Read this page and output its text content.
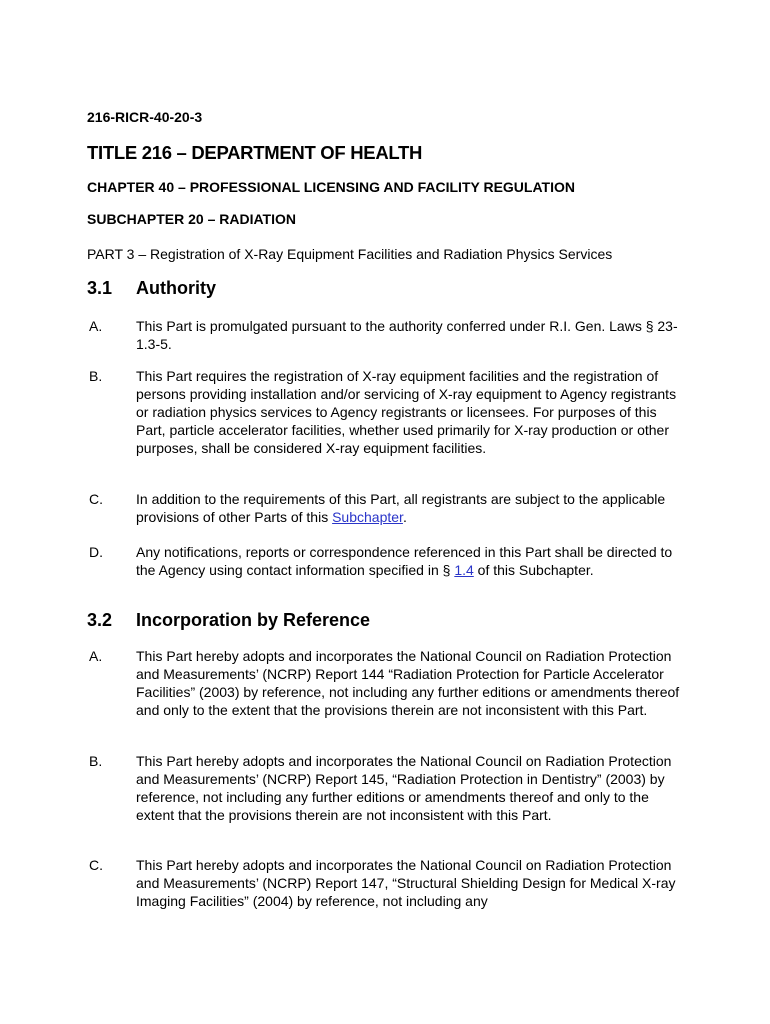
216-RICR-40-20-3
TITLE 216 – DEPARTMENT OF HEALTH
CHAPTER 40 – PROFESSIONAL LICENSING AND FACILITY REGULATION
SUBCHAPTER 20 – RADIATION
PART 3 – Registration of X-Ray Equipment Facilities and Radiation Physics Services
3.1 Authority
A. This Part is promulgated pursuant to the authority conferred under R.I. Gen. Laws § 23-1.3-5.
B. This Part requires the registration of X-ray equipment facilities and the registration of persons providing installation and/or servicing of X-ray equipment to Agency registrants or radiation physics services to Agency registrants or licensees. For purposes of this Part, particle accelerator facilities, whether used primarily for X-ray production or other purposes, shall be considered X-ray equipment facilities.
C. In addition to the requirements of this Part, all registrants are subject to the applicable provisions of other Parts of this Subchapter.
D. Any notifications, reports or correspondence referenced in this Part shall be directed to the Agency using contact information specified in § 1.4 of this Subchapter.
3.2 Incorporation by Reference
A. This Part hereby adopts and incorporates the National Council on Radiation Protection and Measurements’ (NCRP) Report 144 “Radiation Protection for Particle Accelerator Facilities” (2003) by reference, not including any further editions or amendments thereof and only to the extent that the provisions therein are not inconsistent with this Part.
B. This Part hereby adopts and incorporates the National Council on Radiation Protection and Measurements’ (NCRP) Report 145, “Radiation Protection in Dentistry” (2003) by reference, not including any further editions or amendments thereof and only to the extent that the provisions therein are not inconsistent with this Part.
C. This Part hereby adopts and incorporates the National Council on Radiation Protection and Measurements’ (NCRP) Report 147, “Structural Shielding Design for Medical X-ray Imaging Facilities” (2004) by reference, not including any
